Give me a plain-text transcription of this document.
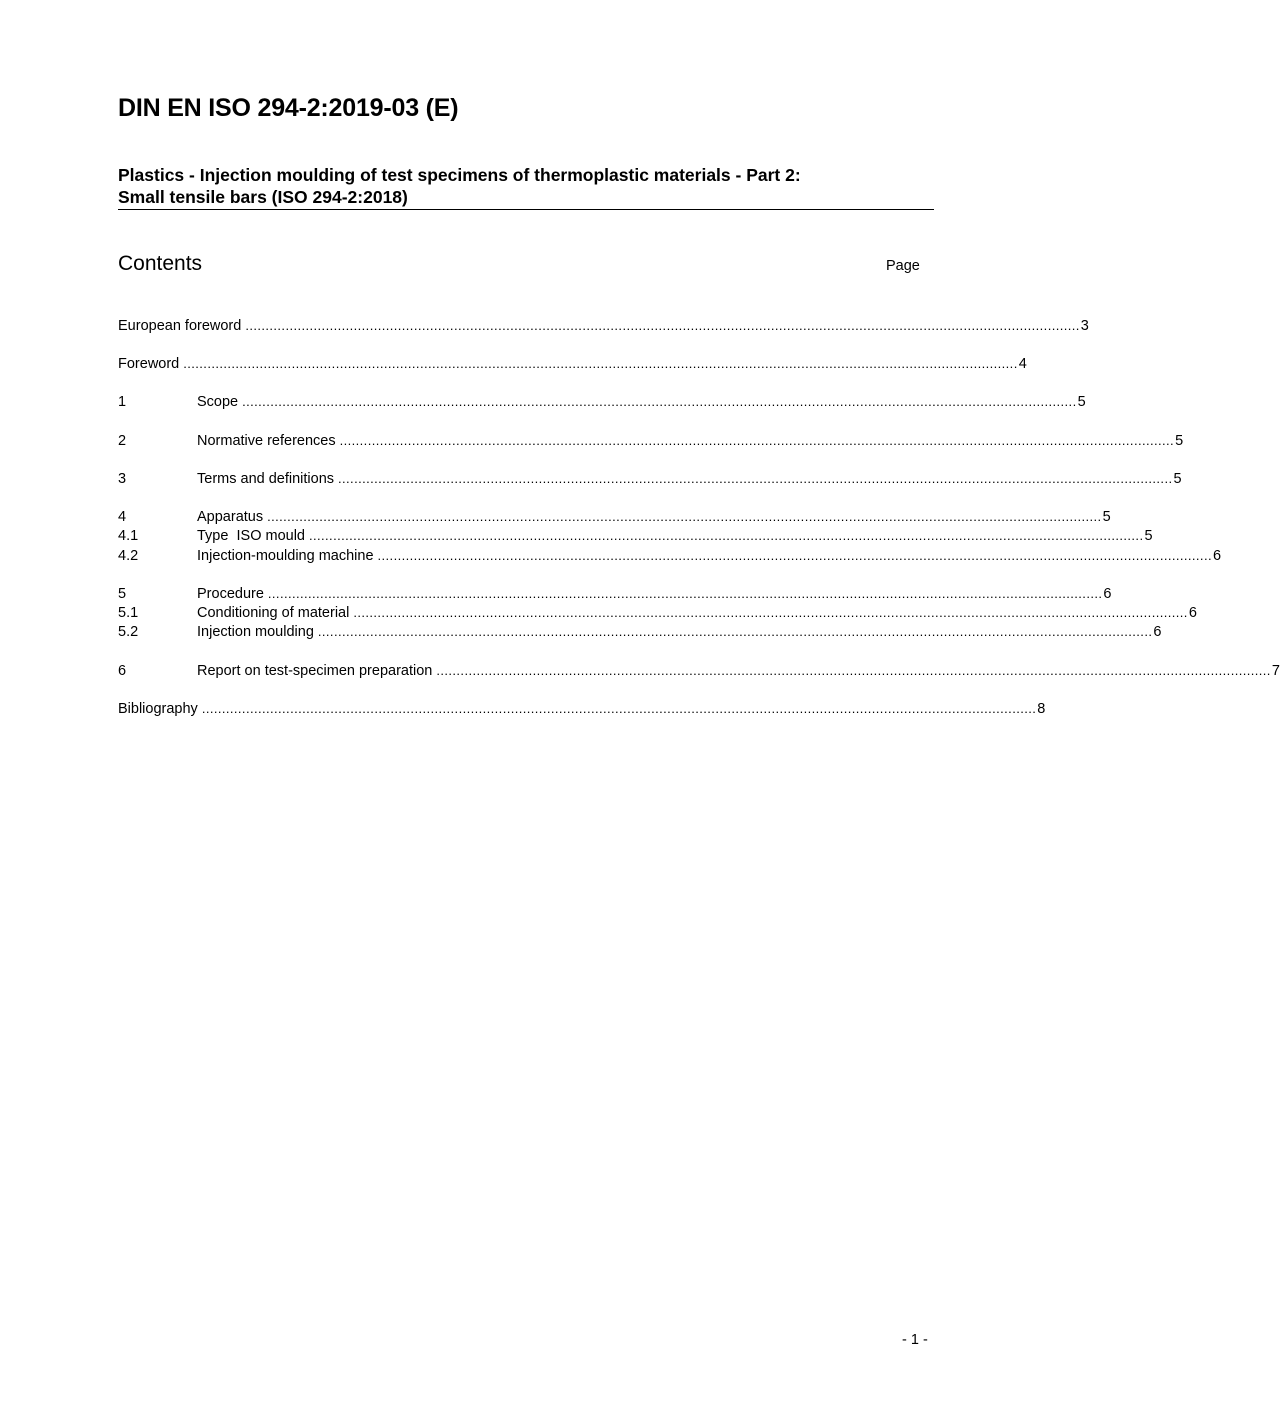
DIN EN ISO 294-2:2019-03 (E)
Plastics - Injection moulding of test specimens of thermoplastic materials - Part 2:
Small tensile bars (ISO 294-2:2018)
Contents	Page
European foreword ................................................................................................................................................................................................................ 3
Foreword ................................................................................................................................................................................................................ 4
1	Scope ................................................................................................................................................................................................................ 5
2	Normative references ................................................................................................................................................................................................................ 5
3	Terms and definitions ................................................................................................................................................................................................................ 5
4	Apparatus ................................................................................................................................................................................................................ 5
4.1	Type  ISO mould ................................................................................................................................................................................................................ 5
4.2	Injection-moulding machine ................................................................................................................................................................................................................ 6
5	Procedure ................................................................................................................................................................................................................ 6
5.1	Conditioning of material ................................................................................................................................................................................................................ 6
5.2	Injection moulding ................................................................................................................................................................................................................ 6
6	Report on test-specimen preparation ................................................................................................................................................................................................................ 7
Bibliography ................................................................................................................................................................................................................ 8
- 1 -
